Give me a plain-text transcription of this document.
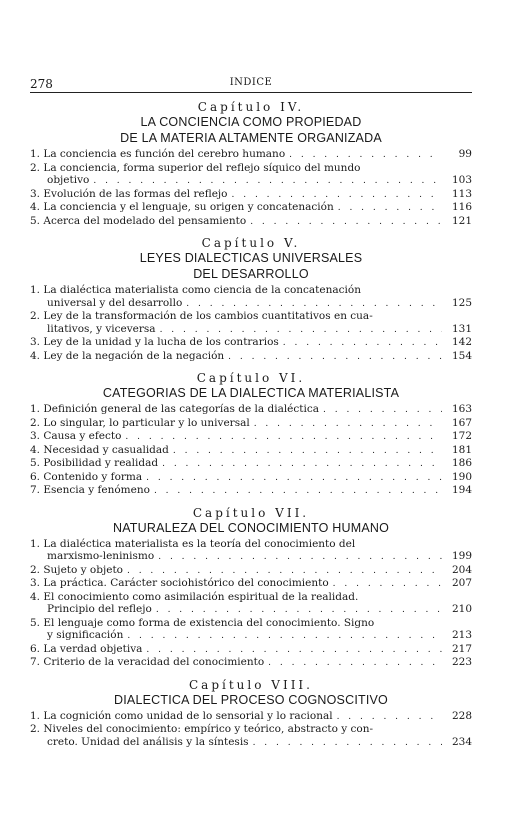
278	INDICE
Capítulo IV.
LA CONCIENCIA COMO PROPIEDAD
DE LA MATERIA ALTAMENTE ORGANIZADA
1. La conciencia es función del cerebro humano . . .	99
2. La conciencia, forma superior del reflejo síquico del mundo
objetivo . . .	103
3. Evolución de las formas del reflejo . . .	113
4. La conciencia y el lenguaje, su origen y concatenación . . .	116
5. Acerca del modelado del pensamiento . . .	121
Capítulo V.
LEYES DIALECTICAS UNIVERSALES
DEL DESARROLLO
1. La dialéctica materialista como ciencia de la concatenación
universal y del desarrollo . . .	125
2. Ley de la transformación de los cambios cuantitativos en cua-
litativos, y viceversa . . .	131
3. Ley de la unidad y la lucha de los contrarios . . .	142
4. Ley de la negación de la negación . . .	154
Capítulo VI.
CATEGORIAS DE LA DIALECTICA MATERIALISTA
1. Definición general de las categorías de la dialéctica . . .	163
2. Lo singular, lo particular y lo universal . . .	167
3. Causa y efecto . . .	172
4. Necesidad y casualidad . . .	181
5. Posibilidad y realidad . . .	186
6. Contenido y forma . . .	190
7. Esencia y fenómeno . . .	194
Capítulo VII.
NATURALEZA DEL CONOCIMIENTO HUMANO
1. La dialéctica materialista es la teoría del conocimiento del
marxismo-leninismo . . .	199
2. Sujeto y objeto . . .	204
3. La práctica. Carácter sociohistórico del conocimiento . . .	207
4. El conocimiento como asimilación espiritual de la realidad.
Principio del reflejo . . .	210
5. El lenguaje como forma de existencia del conocimiento. Signo
y significación . . .	213
6. La verdad objetiva . . .	217
7. Criterio de la veracidad del conocimiento . . .	223
Capítulo VIII.
DIALECTICA DEL PROCESO COGNOSCITIVO
1. La cognición como unidad de lo sensorial y lo racional . . .	228
2. Niveles del conocimiento: empírico y teórico, abstracto y con-
creto. Unidad del análisis y la síntesis . . .	234
